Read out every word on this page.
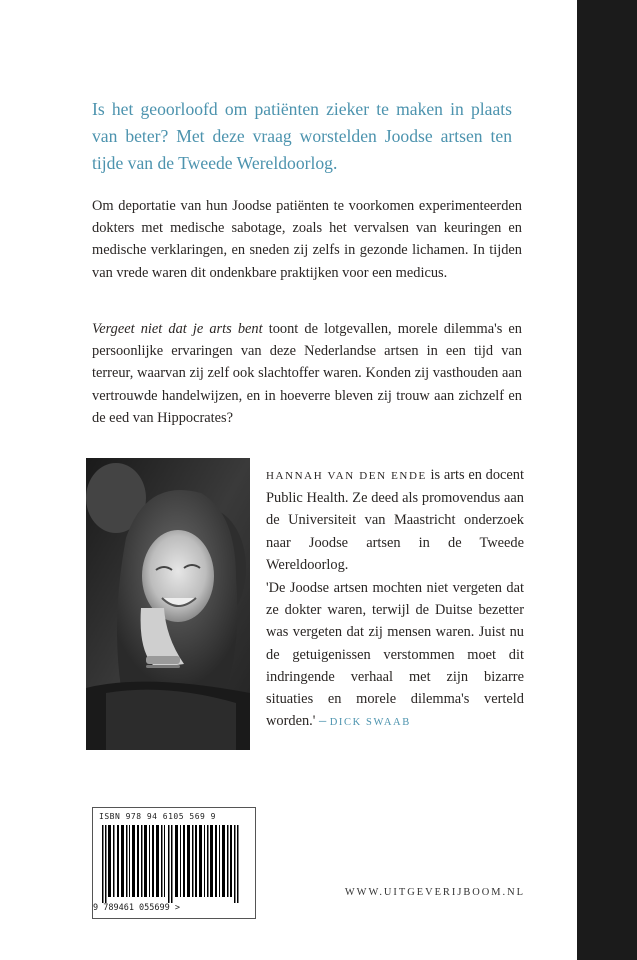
Is het geoorloofd om patiënten zieker te maken in plaats van beter? Met deze vraag worstelden Joodse artsen ten tijde van de Tweede Wereldoorlog.

Om deportatie van hun Joodse patiënten te voorkomen experimenteerden dokters met medische sabotage, zoals het vervalsen van keuringen en medische verklaringen, en sneden zij zelfs in gezonde lichamen. In tijden van vrede waren dit ondenkbare praktijken voor een medicus.

Vergeet niet dat je arts bent toont de lotgevallen, morele dilemma's en persoonlijke ervaringen van deze Nederlandse artsen in een tijd van terreur, waarvan zij zelf ook slachtoffer waren. Konden zij vasthouden aan vertrouwde handelwijzen, en in hoeverre bleven zij trouw aan zichzelf en de eed van Hippocrates?

HANNAH VAN DEN ENDE is arts en docent Public Health. Ze deed als promovendus aan de Universiteit van Maastricht onderzoek naar Joodse artsen in de Tweede Wereldoorlog.

'De Joodse artsen mochten niet vergeten dat ze dokter waren, terwijl de Duitse bezetter was vergeten dat zij mensen waren. Juist nu de getuigenissen verstommen moet dit indringende verhaal met zijn bizarre situaties en morele dilemma's verteld worden.' – DICK SWAAB

ISBN 978 94 6105 569 9
9 789461 055699 >
WWW.UITGEVERIJBOOM.NL
